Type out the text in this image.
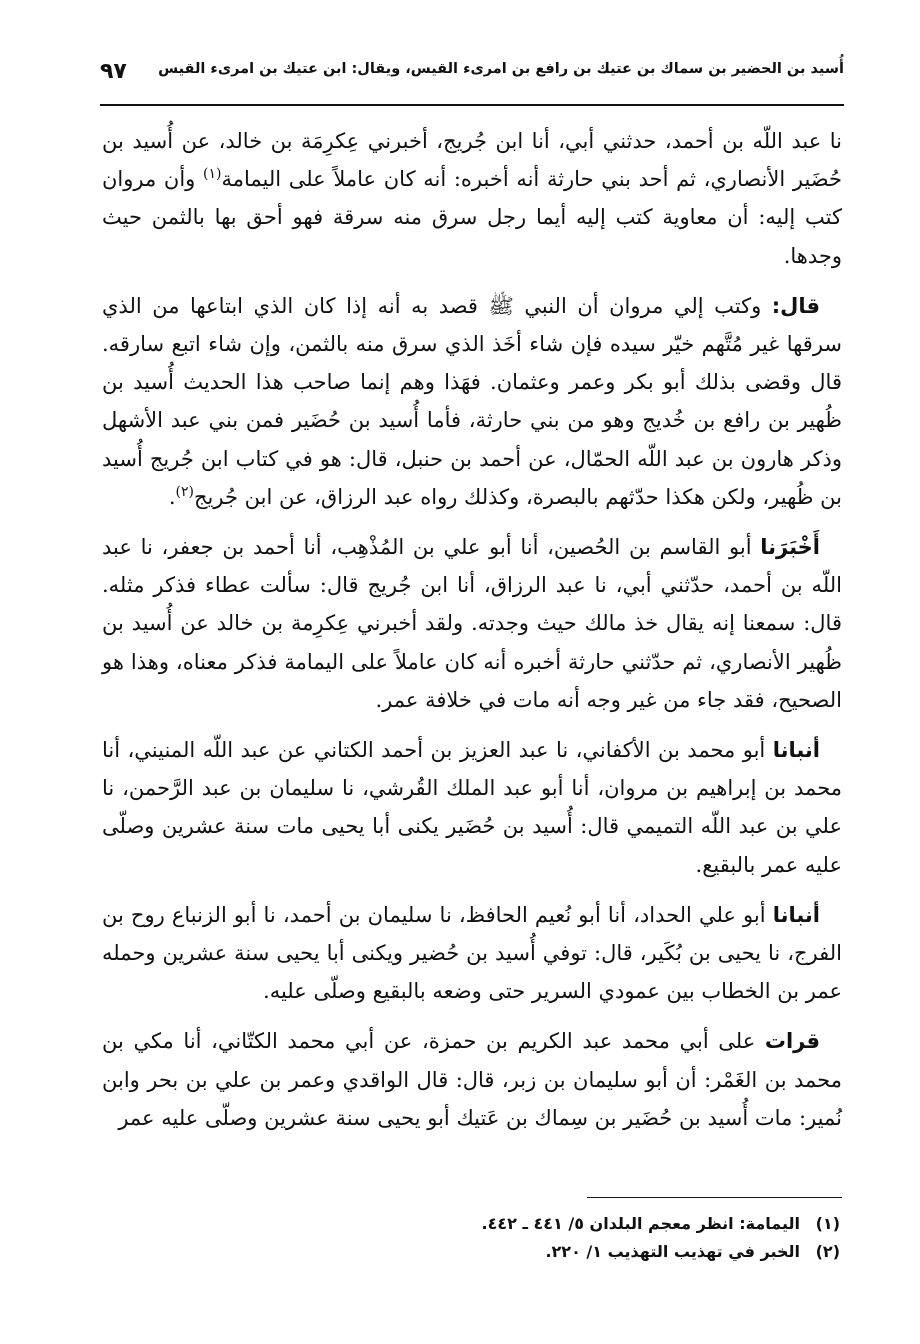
أُسيد بن الحضير بن سماك بن عتيك بن رافع بن امرىء القيس، ويقال: ابن عتيك بن امرىء القيس
٩٧

نا عبد اللّه بن أحمد، حدثني أبي، أنا ابن جُريج، أخبرني عِكرِمَة بن خالد، عن أُسيد بن حُضَير الأنصاري، ثم أحد بني حارثة أنه أخبره: أنه كان عاملاً على اليمامة$^{(١)}$ وأن مروان كتب إليه: أن معاوية كتب إليه أيما رجل سرق منه سرقة فهو أحق بها بالثمن حيث وجدها.

قال: وكتب إلي مروان أن النبي ﷺ قصد به أنه إذا كان الذي ابتاعها من الذي سرقها غير مُتَّهم خيّر سيده فإن شاء أخَذ الذي سرق منه بالثمن، وإن شاء اتبع سارقه. قال وقضى بذلك أبو بكر وعمر وعثمان. فهَذا وهم إنما صاحب هذا الحديث أُسيد بن ظُهير بن رافع بن خُديج وهو من بني حارثة، فأما أُسيد بن حُضَير فمن بني عبد الأشهل وذكر هارون بن عبد اللّه الحمّال، عن أحمد بن حنبل، قال: هو في كتاب ابن جُريج أُسيد بن ظُهير، ولكن هكذا حدّثهم بالبصرة، وكذلك رواه عبد الرزاق، عن ابن جُريج$^{(٢)}$.

أَخْبَرَنا أبو القاسم بن الحُصين، أنا أبو علي بن المُذْهِب، أنا أحمد بن جعفر، نا عبد اللّه بن أحمد، حدّثني أبي، نا عبد الرزاق، أنا ابن جُريج قال: سألت عطاء فذكر مثله. قال: سمعنا إنه يقال خذ مالك حيث وجدته. ولقد أخبرني عِكرِمة بن خالد عن أُسيد بن ظُهير الأنصاري، ثم حدّثني حارثة أخبره أنه كان عاملاً على اليمامة فذكر معناه، وهذا هو الصحيح، فقد جاء من غير وجه أنه مات في خلافة عمر.

أنبانا أبو محمد بن الأكفاني، نا عبد العزيز بن أحمد الكتاني عن عبد اللّه المنيني، أنا محمد بن إبراهيم بن مروان، أنا أبو عبد الملك القُرشي، نا سليمان بن عبد الرَّحمن، نا علي بن عبد اللّه التميمي قال: أُسيد بن حُضَير يكنى أبا يحيى مات سنة عشرين وصلّى عليه عمر بالبقيع.

أنبانا أبو علي الحداد، أنا أبو نُعيم الحافظ، نا سليمان بن أحمد، نا أبو الزنباع روح بن الفرج، نا يحيى بن بُكَير، قال: توفي أُسيد بن حُضير ويكنى أبا يحيى سنة عشرين وحمله عمر بن الخطاب بين عمودي السرير حتى وضعه بالبقيع وصلّى عليه.

قرات على أبي محمد عبد الكريم بن حمزة، عن أبي محمد الكتّاني، أنا مكي بن محمد بن الغَمْر: أن أبو سليمان بن زبر، قال: قال الواقدي وعمر بن علي بن بحر وابن نُمير: مات أُسيد بن حُضَير بن سِماك بن عَتيك أبو يحيى سنة عشرين وصلّى عليه عمر

(١)اليمامة: انظر معجم البلدان ٥/ ٤٤١ ـ ٤٤٢.
(٢)الخبر في تهذيب التهذيب ١/ ٢٢٠.
